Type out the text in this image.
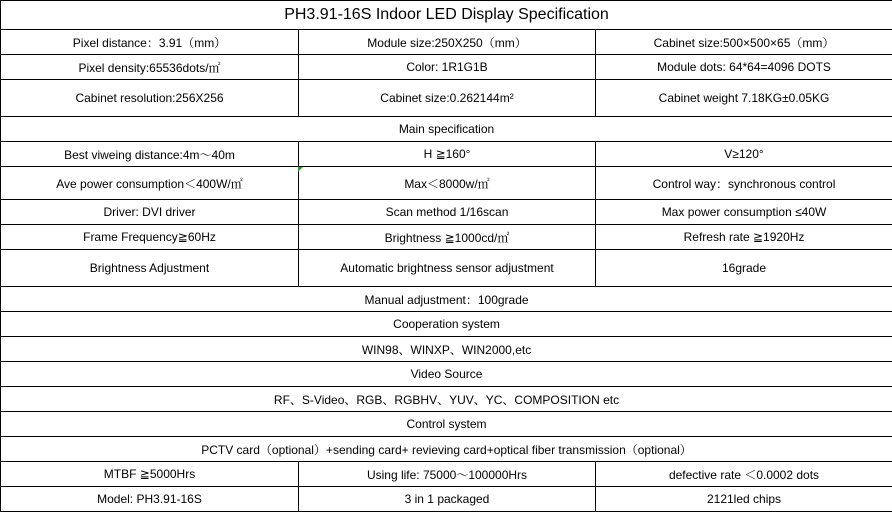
PH3.91-16S Indoor LED Display Specification		
Pixel distance：3.91（mm）	Module size:250X250（mm）	Cabinet size:500×500×65（mm）
Pixel density:65536dots/㎡	Color: 1R1G1B	Module dots: 64*64=4096 DOTS
Cabinet resolution:256X256	Cabinet size:0.262144m²	Cabinet weight 7.18KG±0.05KG
Main specification		
Best viweing distance:4m～40m	H ≧160°	V≥120°
Ave power consumption＜400W/㎡	Max＜8000w/㎡	Control way：synchronous control
Driver: DVI driver	Scan method 1/16scan	Max power consumption ≤40W
Frame Frequency≧60Hz	Brightness ≧1000cd/㎡	Refresh rate ≧1920Hz
Brightness Adjustment	Automatic brightness sensor adjustment	16grade
Manual adjustment：100grade		
Cooperation system		
WIN98、WINXP、WIN2000,etc		
Video Source		
RF、S-Video、RGB、RGBHV、YUV、YC、COMPOSITION etc		
Control system		
PCTV card（optional）+sending card+ revieving card+optical fiber transmission（optional）		
MTBF ≧5000Hrs	Using life: 75000～100000Hrs	defective rate ＜0.0002 dots
Model: PH3.91-16S	3 in 1 packaged	2121led chips
